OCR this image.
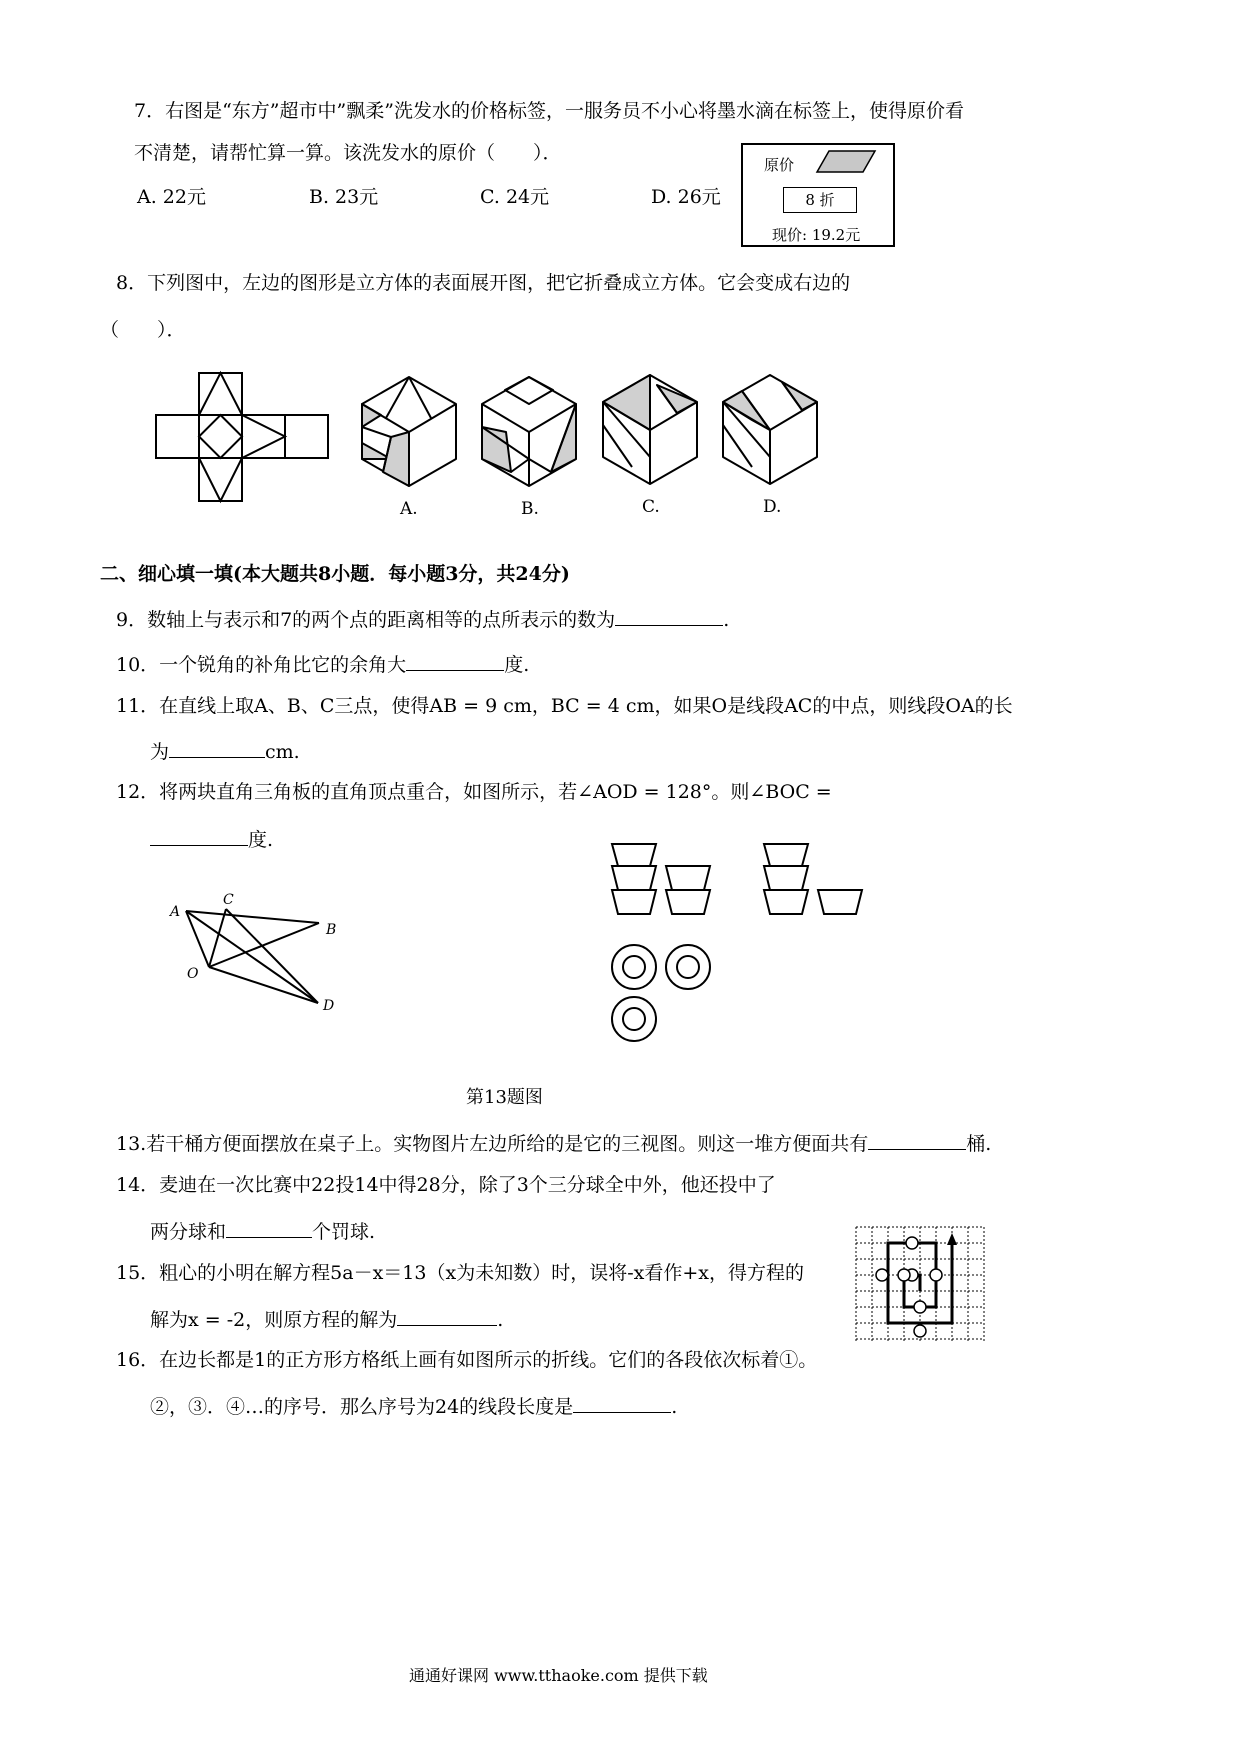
7．右图是“东方”超市中”飘柔”洗发水的价格标签，一服务员不小心将墨水滴在标签上，使得原价看
不清楚，请帮忙算一算。该洗发水的原价（　　）．
A. 22元	B. 23元	C. 24元	D. 26元
原价
8 折
现价: 19.2元
8．下列图中，左边的图形是立方体的表面展开图，把它折叠成立方体。它会变成右边的
（　　）．
A.	B.	C.	D.
二、细心填一填(本大题共8小题．每小题3分，共24分)
9．数轴上与表示和7的两个点的距离相等的点所表示的数为	.
10．一个锐角的补角比它的余角大	度.
11．在直线上取A、B、C三点，使得AB = 9 cm，BC = 4 cm，如果O是线段AC的中点，则线段OA的长
为	cm.
12．将两块直角三角板的直角顶点重合，如图所示，若∠AOD = 128°。则∠BOC =
度.
A
C
B
O
D
第13题图
13.若干桶方便面摆放在桌子上。实物图片左边所给的是它的三视图。则这一堆方便面共有	桶.
14．麦迪在一次比赛中22投14中得28分，除了3个三分球全中外，他还投中了
两分球和	个罚球.
15．粗心的小明在解方程5a－x＝13（x为未知数）时，误将-x看作+x，得方程的
解为x = -2，则原方程的解为	.
16．在边长都是1的正方形方格纸上画有如图所示的折线。它们的各段依次标着①。
②，③．④…的序号．那么序号为24的线段长度是	.
通通好课网 www.tthaoke.com 提供下载
